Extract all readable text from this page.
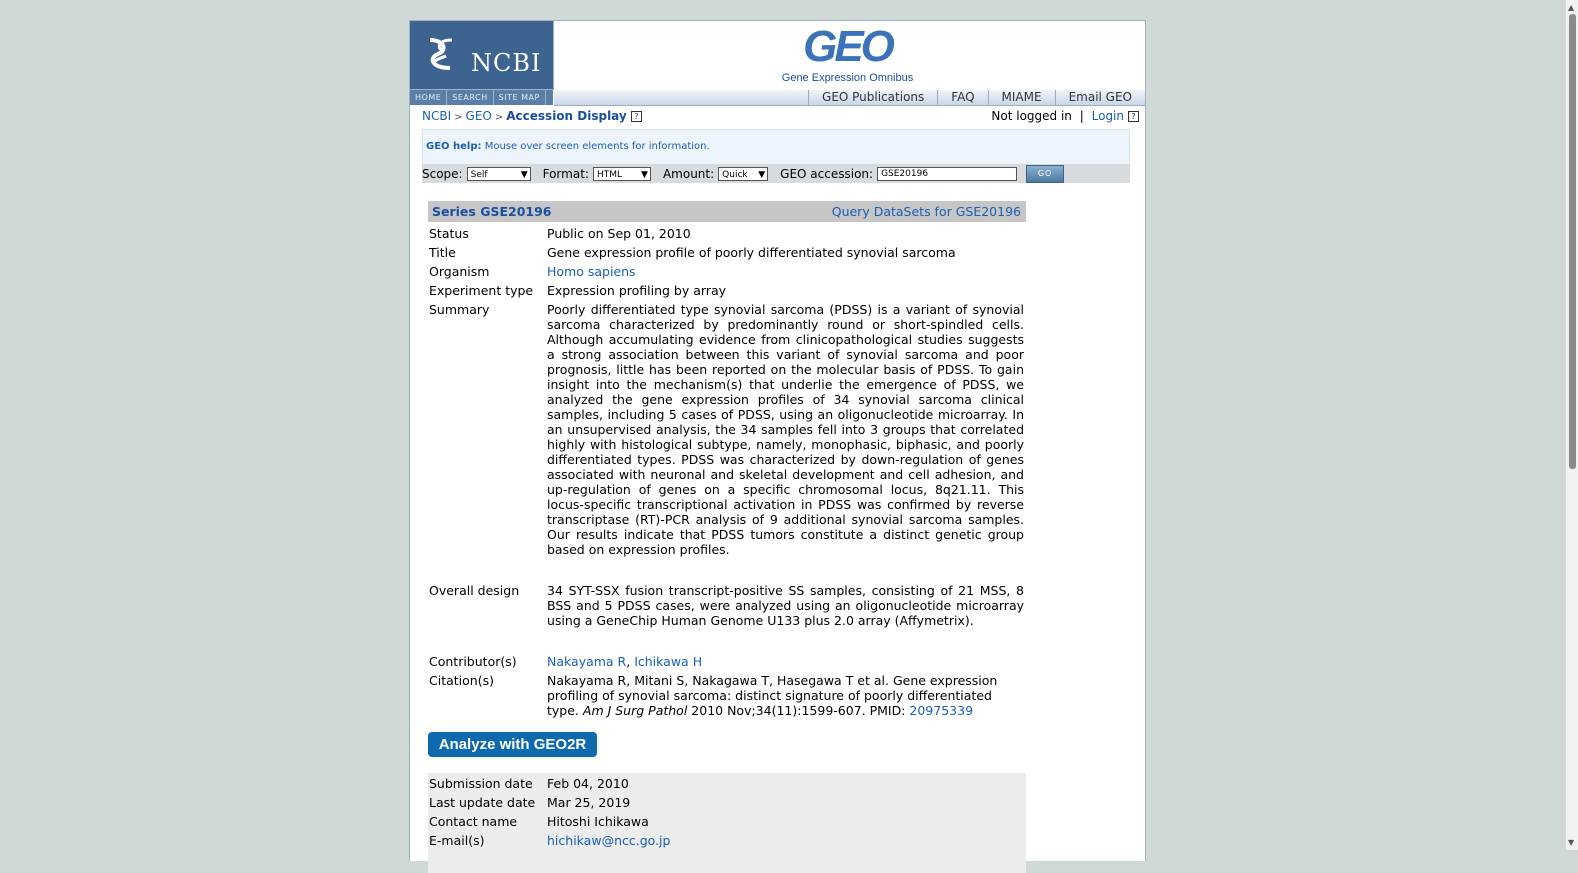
NCBI	GEO
Gene Expression Omnibus
HOME	SEARCH	SITE MAP	GEO Publications	FAQ	MIAME	Email GEO
NCBI > GEO > Accession Display ?	Not logged in | Login ?
GEO help: Mouse over screen elements for information.
Scope: Self	▼ Format: HTML ▼ Amount: Quick ▼ GEO accession:
GSE20196	GO
Series GSE20196	Query DataSets for GSE20196
Status	Public on Sep 01, 2010
Title	Gene expression profile of poorly differentiated synovial sarcoma
Organism	Homo sapiens
Experiment type	Expression profiling by array
Summary	Poorly differentiated type synovial sarcoma (PDSS) is a variant of synovial sarcoma characterized by predominantly round or short-spindled cells. Although accumulating evidence from clinicopathological studies suggests a strong association between this variant of synovial sarcoma and poor prognosis, little has been reported on the molecular basis of PDSS. To gain insight into the mechanism(s) that underlie the emergence of PDSS, we analyzed the gene expression profiles of 34 synovial sarcoma clinical samples, including 5 cases of PDSS, using an oligonucleotide microarray. In an unsupervised analysis, the 34 samples fell into 3 groups that correlated highly with histological subtype, namely, monophasic, biphasic, and poorly differentiated types. PDSS was characterized by down-regulation of genes associated with neuronal and skeletal development and cell adhesion, and up-regulation of genes on a specific chromosomal locus, 8q21.11. This locus-specific transcriptional activation in PDSS was confirmed by reverse transcriptase (RT)-PCR analysis of 9 additional synovial sarcoma samples. Our results indicate that PDSS tumors constitute a distinct genetic group based on expression profiles.

Overall design	34 SYT-SSX fusion transcript-positive SS samples, consisting of 21 MSS, 8 BSS and 5 PDSS cases, were analyzed using an oligonucleotide microarray using a GeneChip Human Genome U133 plus 2.0 array (Affymetrix).

Contributor(s)	Nakayama R, Ichikawa H
Citation(s)	Nakayama R, Mitani S, Nakagawa T, Hasegawa T et al. Gene expression profiling of synovial sarcoma: distinct signature of poorly differentiated type. Am J Surg Pathol 2010 Nov;34(11):1599-607. PMID: 20975339
Analyze with GEO2R
Submission date	Feb 04, 2010
Last update date	Mar 25, 2019
Contact name	Hitoshi Ichikawa
E-mail(s)	hichikaw@ncc.go.jp
▲
▼
